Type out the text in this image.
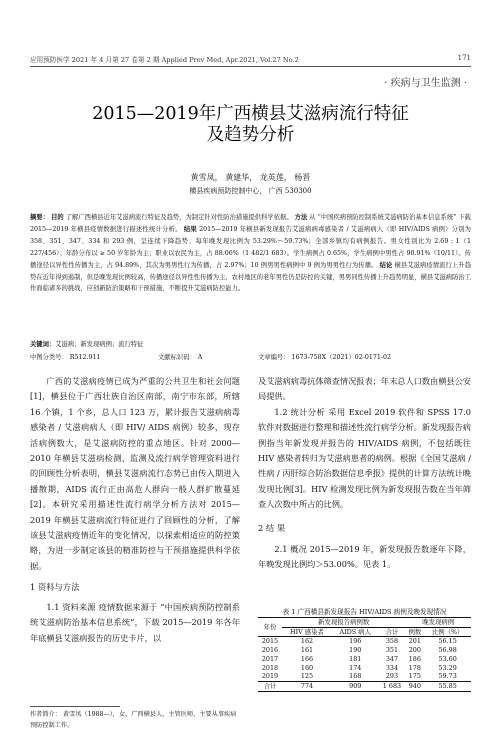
应用预防医学 2021 年 4 月第 27 卷第 2 期 Applied Prev Med, Apr.2021, Vol.27 No.2	171
· 疾病与卫生监测 ·
2015—2019年广西横县艾滋病流行特征
及趋势分析
黄雪凤， 黄建华， 龙英莲， 杨晋
横县疾病预防控制中心， 广西 530300
摘要： 目的 了解广西横县近年艾滋病流行特征及趋势，为制定针对性防治措施提供科学依据。 方法 从 “中国疾病预防控制系统艾滋病防治基本信息系统” 下载 2015—2019 年横县疫情数据进行描述性统计分析。 结果 2015—2019 年横县新发现报告艾滋病病毒感染者 / 艾滋病病人（即 HIV/AIDS 病例）分别为 358、351、347、334 和 293 例，呈连续下降趋势；每年晚发现比例为 53.29%～59.73%；全部乡镇均有病例报告。男女性别比为 2.69 : 1（1 227/456）；年龄分布以 ≥ 50 岁年龄为主；职业以农民为主，占 88.06%（1 482/1 683）。学生病例占 0.65%，学生病例中男性占 90.91%（10/11）。传播途径以异性性传播为主，占 94.89%，其次为男男性行为传播，占 2.97%；10 例男男性病例中 9 例为男男性行为传播。 结论 横县艾滋病疫情流行上升趋势在近年得到遏制，但是晚发现比例较高，传播途径以异性性传播为主，农村地区的老年男性仍是防控的关键，男男同性传播上升趋势明显，横县艾滋病防治工作面临诸多的挑战，应创新防治策略和干预措施，不断提升艾滋病防控能力。
关键词：艾滋病；新发现病例；流行特征
中图分类号： R512.911	文献标识码： A	文章编号： 1673-758X（2021）02-0171-02

广西的艾滋病疫情已成为严重的公共卫生和社会问题[1]，横县位于广西壮族自治区南部，南宁市东部，所辖 16 个镇，1 个乡，总人口 123 万，累计报告艾滋病病毒感染者 / 艾滋病病人（即 HIV/ AIDS 病例）较多，现存活病例数大，是艾滋病防控的重点地区。针对 2000—2010 年横县艾滋病检测、监测及流行病学管理资料进行的回顾性分析表明，横县艾滋病流行态势已由传入期进入播散期，AIDS 流行正由高危人群向一般人群扩散蔓延[2]。本研究采用描述性流行病学分析方法对 2015—2019 年横县艾滋病流行特征进行了回顾性的分析，了解该县艾滋病疫情近年的变化情况，以探索相适应的防控策略，为进一步制定该县的精准防控与干预措施提供科学依据。

1 资料与方法

1.1 资料来源 疫情数据来源于 “中国疾病预防控制系统艾滋病防治基本信息系统”，下载 2015—2019 年各年年底横县艾滋病报告的历史卡片，以

作者简介： 黄雪凤（1988—），女，广西横县人，主管医师，主要从事疾病预防控制工作。

及艾滋病病毒抗体筛查情况报表；年末总人口数由横县公安局提供。

1.2 统计分析 采用 Excel 2019 软件和 SPSS 17.0 软件对数据进行整理和描述性流行病学分析。新发现报告病例指当年新发现并报告的 HIV/AIDS 病例，不包括既往 HIV 感染者转归为艾滋病患者的病例。根据《全国艾滋病 / 性病 / 丙肝综合防治数据信息季报》提供的计算方法统计晚发现比例[3]。HIV 检测发现比例为新发现报告数在当年筛查人次数中所占的比例。

2 结 果

2.1 概况 2015—2019 年，新发现报告数逐年下降，年晚发现比例均＞53.00%。见表 1。

表 1 广西横县新发现报告 HIV/AIDS 病例及晚发现情况
年份	新发现报告病例数			晚发现病例	
	HIV 感染者	AIDS 病人	合计	例数	比例（%）
2015	162	196	358	201	56.15
2016	161	190	351	200	56.98
2017	166	181	347	186	53.60
2018	160	174	334	178	53.29
2019	125	168	293	175	59.73
合计	774	909	1 683	940	55.85
